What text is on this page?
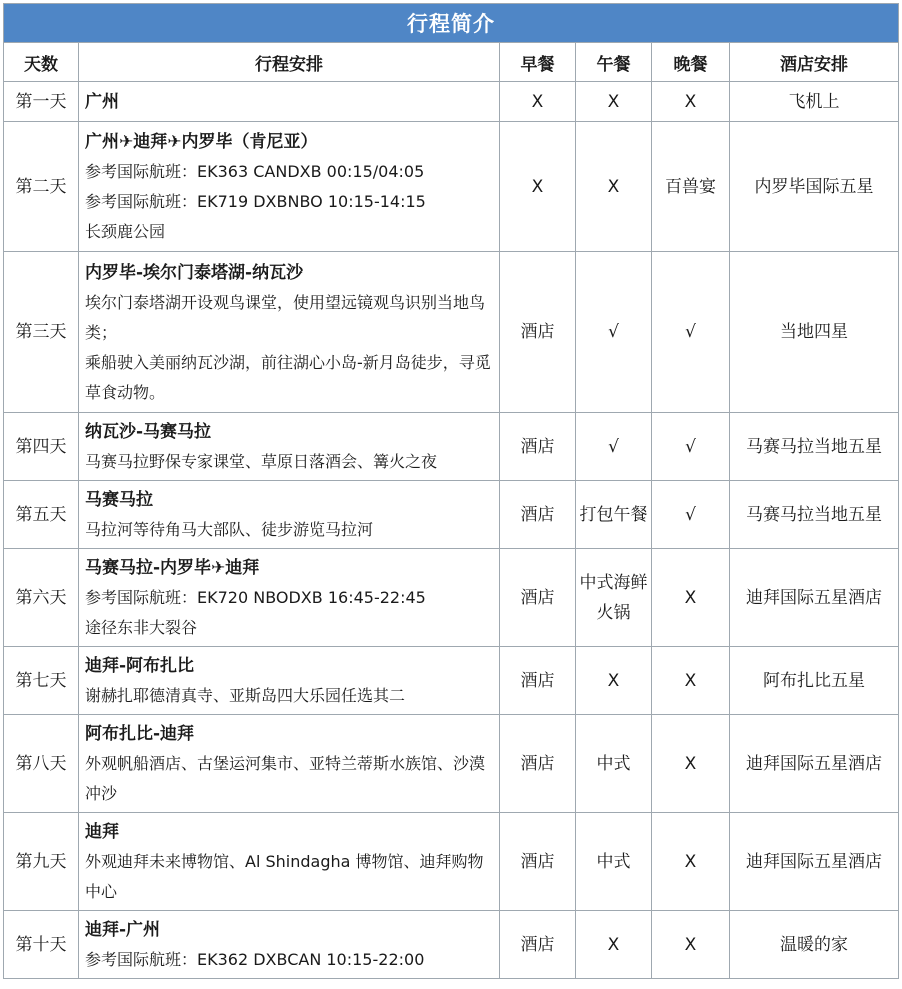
行程简介					
天数	行程安排	早餐	午餐	晚餐	酒店安排
第一天	广州	X	X	X	飞机上
第二天	广州✈迪拜✈内罗毕（肯尼亚）
参考国际航班：EK363 CANDXB 00:15/04:05
参考国际航班：EK719 DXBNBO 10:15-14:15
长颈鹿公园	X	X	百兽宴	内罗毕国际五星
第三天	内罗毕-埃尔门泰塔湖-纳瓦沙
埃尔门泰塔湖开设观鸟课堂，使用望远镜观鸟识别当地鸟类；
乘船驶入美丽纳瓦沙湖，前往湖心小岛-新月岛徒步，寻觅草食动物。	酒店	√	√	当地四星
第四天	纳瓦沙-马赛马拉
马赛马拉野保专家课堂、草原日落酒会、篝火之夜	酒店	√	√	马赛马拉当地五星
第五天	马赛马拉
马拉河等待角马大部队、徒步游览马拉河	酒店	打包午餐	√	马赛马拉当地五星
第六天	马赛马拉-内罗毕✈迪拜
参考国际航班：EK720 NBODXB 16:45-22:45
途径东非大裂谷	酒店	中式海鲜火锅	X	迪拜国际五星酒店
第七天	迪拜-阿布扎比
谢赫扎耶德清真寺、亚斯岛四大乐园任选其二	酒店	X	X	阿布扎比五星
第八天	阿布扎比-迪拜
外观帆船酒店、古堡运河集市、亚特兰蒂斯水族馆、沙漠冲沙	酒店	中式	X	迪拜国际五星酒店
第九天	迪拜
外观迪拜未来博物馆、Al Shindagha 博物馆、迪拜购物中心	酒店	中式	X	迪拜国际五星酒店
第十天	迪拜-广州
参考国际航班：EK362 DXBCAN 10:15-22:00	酒店	X	X	温暖的家
